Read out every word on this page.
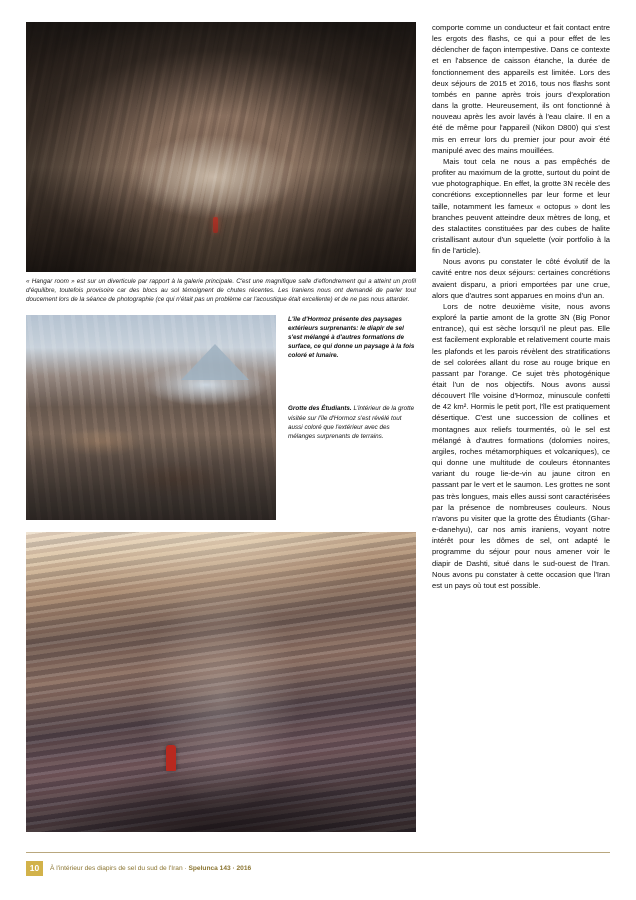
« Hangar room » est sur un diverticule par rapport à la galerie principale. C'est une magnifique salle d'effondrement qui a atteint un profil d'équilibre, toutefois provisoire car des blocs au sol témoignent de chutes récentes. Les Iraniens nous ont demandé de parler tout doucement lors de la séance de photographie (ce qui n'était pas un problème car l'acoustique était excellente) et de ne pas nous attarder.
L'île d'Hormoz présente des paysages extérieurs surprenants: le diapir de sel s'est mélangé à d'autres formations de surface, ce qui donne un paysage à la fois coloré et lunaire.
Grotte des Étudiants. L'intérieur de la grotte visitée sur l'île d'Hormoz s'est révélé tout aussi coloré que l'extérieur avec des mélanges surprenants de terrains.

comporte comme un conducteur et fait contact entre les ergots des flashs, ce qui a pour effet de les déclencher de façon intempestive. Dans ce contexte et en l'absence de caisson étanche, la durée de fonctionnement des appareils est limitée. Lors des deux séjours de 2015 et 2016, tous nos flashs sont tombés en panne après trois jours d'exploration dans la grotte. Heureusement, ils ont fonctionné à nouveau après les avoir lavés à l'eau claire. Il en a été de même pour l'appareil (Nikon D800) qui s'est mis en erreur lors du premier jour pour avoir été manipulé avec des mains mouillées.

Mais tout cela ne nous a pas empêchés de profiter au maximum de la grotte, surtout du point de vue photographique. En effet, la grotte 3N recèle des concrétions exceptionnelles par leur forme et leur taille, notamment les fameux « octopus » dont les branches peuvent atteindre deux mètres de long, et des stalactites constituées par des cubes de halite cristallisant autour d'un squelette (voir portfolio à la fin de l'article).

Nous avons pu constater le côté évolutif de la cavité entre nos deux séjours: certaines concrétions avaient disparu, a priori emportées par une crue, alors que d'autres sont apparues en moins d'un an.

Lors de notre deuxième visite, nous avons exploré la partie amont de la grotte 3N (Big Ponor entrance), qui est sèche lorsqu'il ne pleut pas. Elle est facilement explorable et relativement courte mais les plafonds et les parois révèlent des stratifications de sel colorées allant du rose au rouge brique en passant par l'orange. Ce sujet très photogénique était l'un de nos objectifs. Nous avons aussi découvert l'île voisine d'Hormoz, minuscule confetti de 42 km². Hormis le petit port, l'île est pratiquement désertique. C'est une succession de collines et montagnes aux reliefs tourmentés, où le sel est mélangé à d'autres formations (dolomies noires, argiles, roches métamorphiques et volcaniques), ce qui donne une multitude de couleurs étonnantes variant du rouge lie-de-vin au jaune citron en passant par le vert et le saumon. Les grottes ne sont pas très longues, mais elles aussi sont caractérisées par la présence de nombreuses couleurs. Nous n'avons pu visiter que la grotte des Étudiants (Ghar-e-danehyu), car nos amis iraniens, voyant notre intérêt pour les dômes de sel, ont adapté le programme du séjour pour nous amener voir le diapir de Dashti, situé dans le sud-ouest de l'Iran. Nous avons pu constater à cette occasion que l'Iran est un pays où tout est possible.

10	À l'intérieur des diapirs de sel du sud de l'Iran · Spelunca 143 · 2016
